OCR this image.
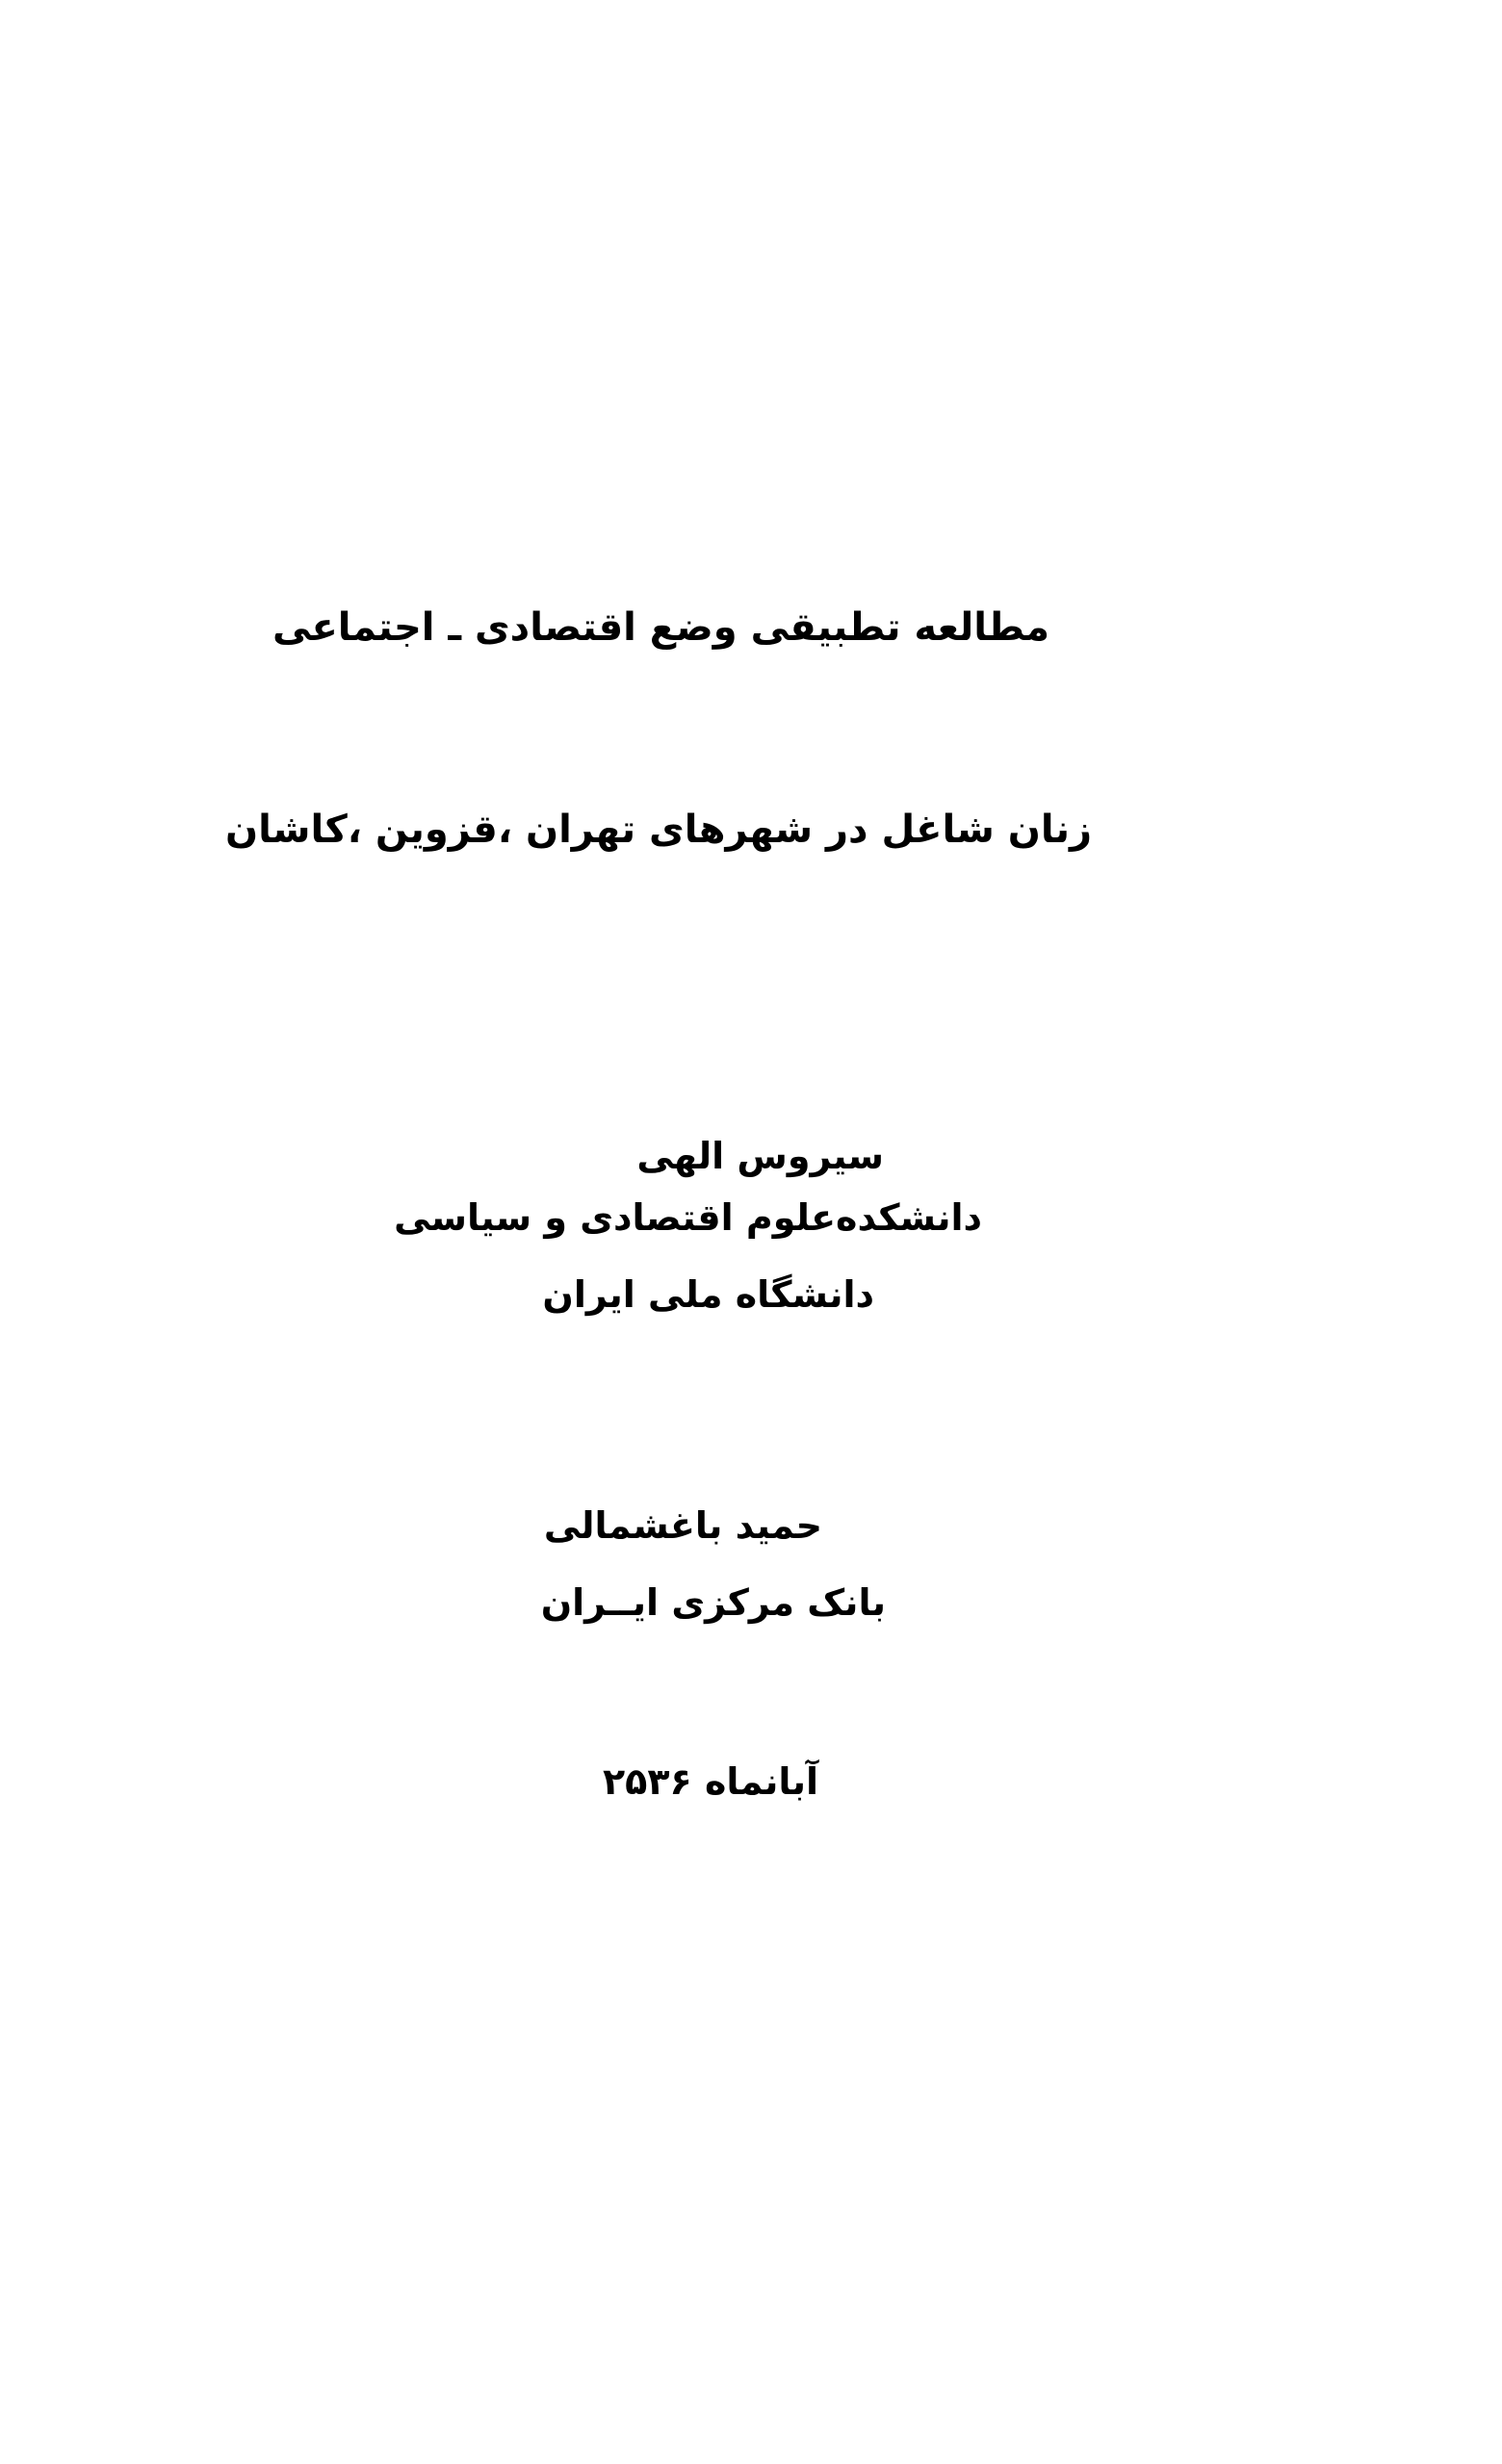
مطالعه تطبیقی وضع اقتصادی ـ اجتماعی
زنان شاغل در شهرهای تهران ،قزوین ،کاشان
سیروس الهی
دانشکده‌علوم اقتصادی و سیاسی
دانشگاه ملی ایران
حمید باغشمالی
بانک مرکزی ایــران
آبانماه ۲۵۳۶
